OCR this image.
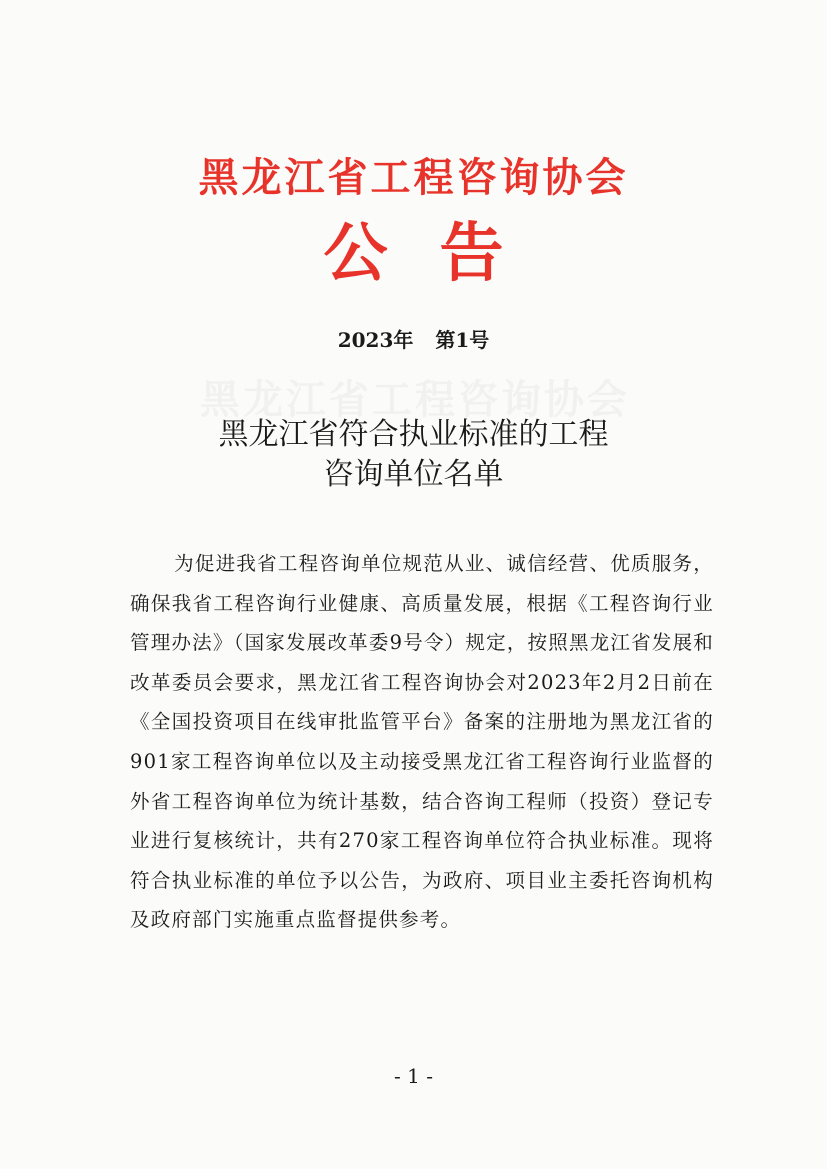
黑龙江省工程咨询协会
公 告
2023年 第1号
黑龙江省符合执业标准的工程
咨询单位名单

为促进我省工程咨询单位规范从业、诚信经营、优质服务，确保我省工程咨询行业健康、高质量发展，根据《工程咨询行业管理办法》（国家发展改革委9号令）规定，按照黑龙江省发展和改革委员会要求，黑龙江省工程咨询协会对2023年2月2日前在《全国投资项目在线审批监管平台》备案的注册地为黑龙江省的901家工程咨询单位以及主动接受黑龙江省工程咨询行业监督的外省工程咨询单位为统计基数，结合咨询工程师（投资）登记专业进行复核统计，共有270家工程咨询单位符合执业标准。现将符合执业标准的单位予以公告，为政府、项目业主委托咨询机构及政府部门实施重点监督提供参考。

- 1 -
